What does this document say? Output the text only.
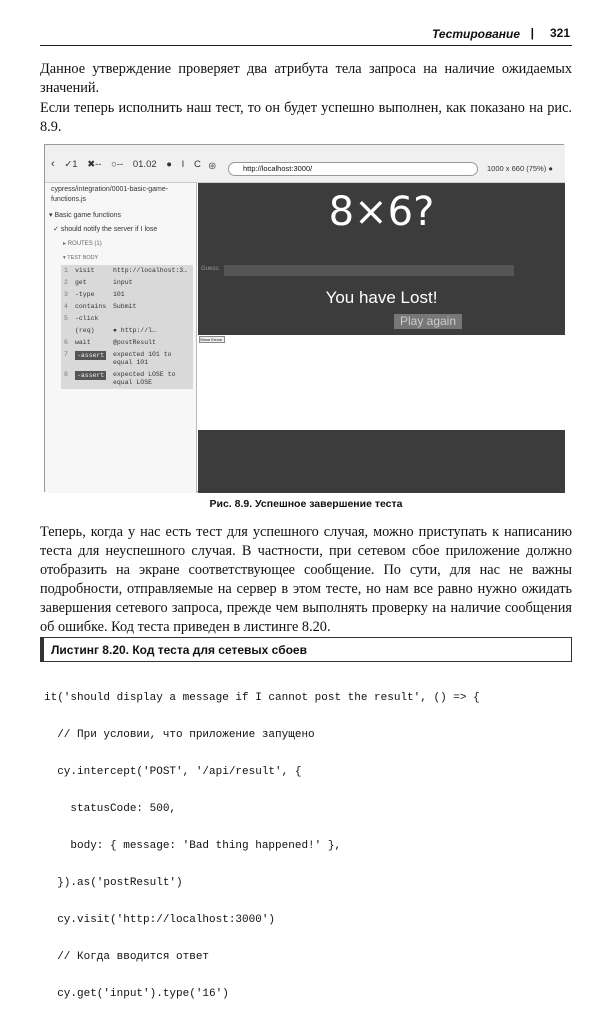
Тестирование | 321

Данное утверждение проверяет два атрибута тела запроса на наличие ожидаемых значений.

Если теперь исполнить наш тест, то он будет успешно выполнен, как показано на рис. 8.9.

‹ ✓1 ✖-- ○-- 01.02 ● I C ⊛	http://localhost:3000/	1000 x 660 (75%) ●
cypress/integration/0001-basic-game-functions.js
▾ Basic game functions
✓ should notify the server if I lose
▸ ROUTES (1)
▾ TEST BODY
1 visit	http://localhost:3…
2 get	input
3 -type	101
4 contains Submit
5 -click
(req)	● http://l…
6 wait	@postResult
7	-assert	expected 101 to equal 101
8	-assert	expected LOSE to equal LOSE
8×6?
Guess:
You have Lost!
Play again
Show Errors
Рис. 8.9. Успешное завершение теста

Теперь, когда у нас есть тест для успешного случая, можно приступать к написанию теста для неуспешного случая. В частности, при сетевом сбое приложение должно отобразить на экране соответствующее сообщение. По сути, для нас не важны подробности, отправляемые на сервер в этом тесте, но нам все равно нужно ожидать завершения сетевого запроса, прежде чем выполнять проверку на наличие сообщения об ошибке. Код теста приведен в листинге 8.20.

Листинг 8.20. Код теста для сетевых сбоев

it('should display a message if I cannot post the result', () => {

// При условии, что приложение запущено

cy.intercept('POST', '/api/result', {

statusCode: 500,

body: { message: 'Bad thing happened!' },

}).as('postResult')

cy.visit('http://localhost:3000')

// Когда вводится ответ

cy.get('input').type('16')
